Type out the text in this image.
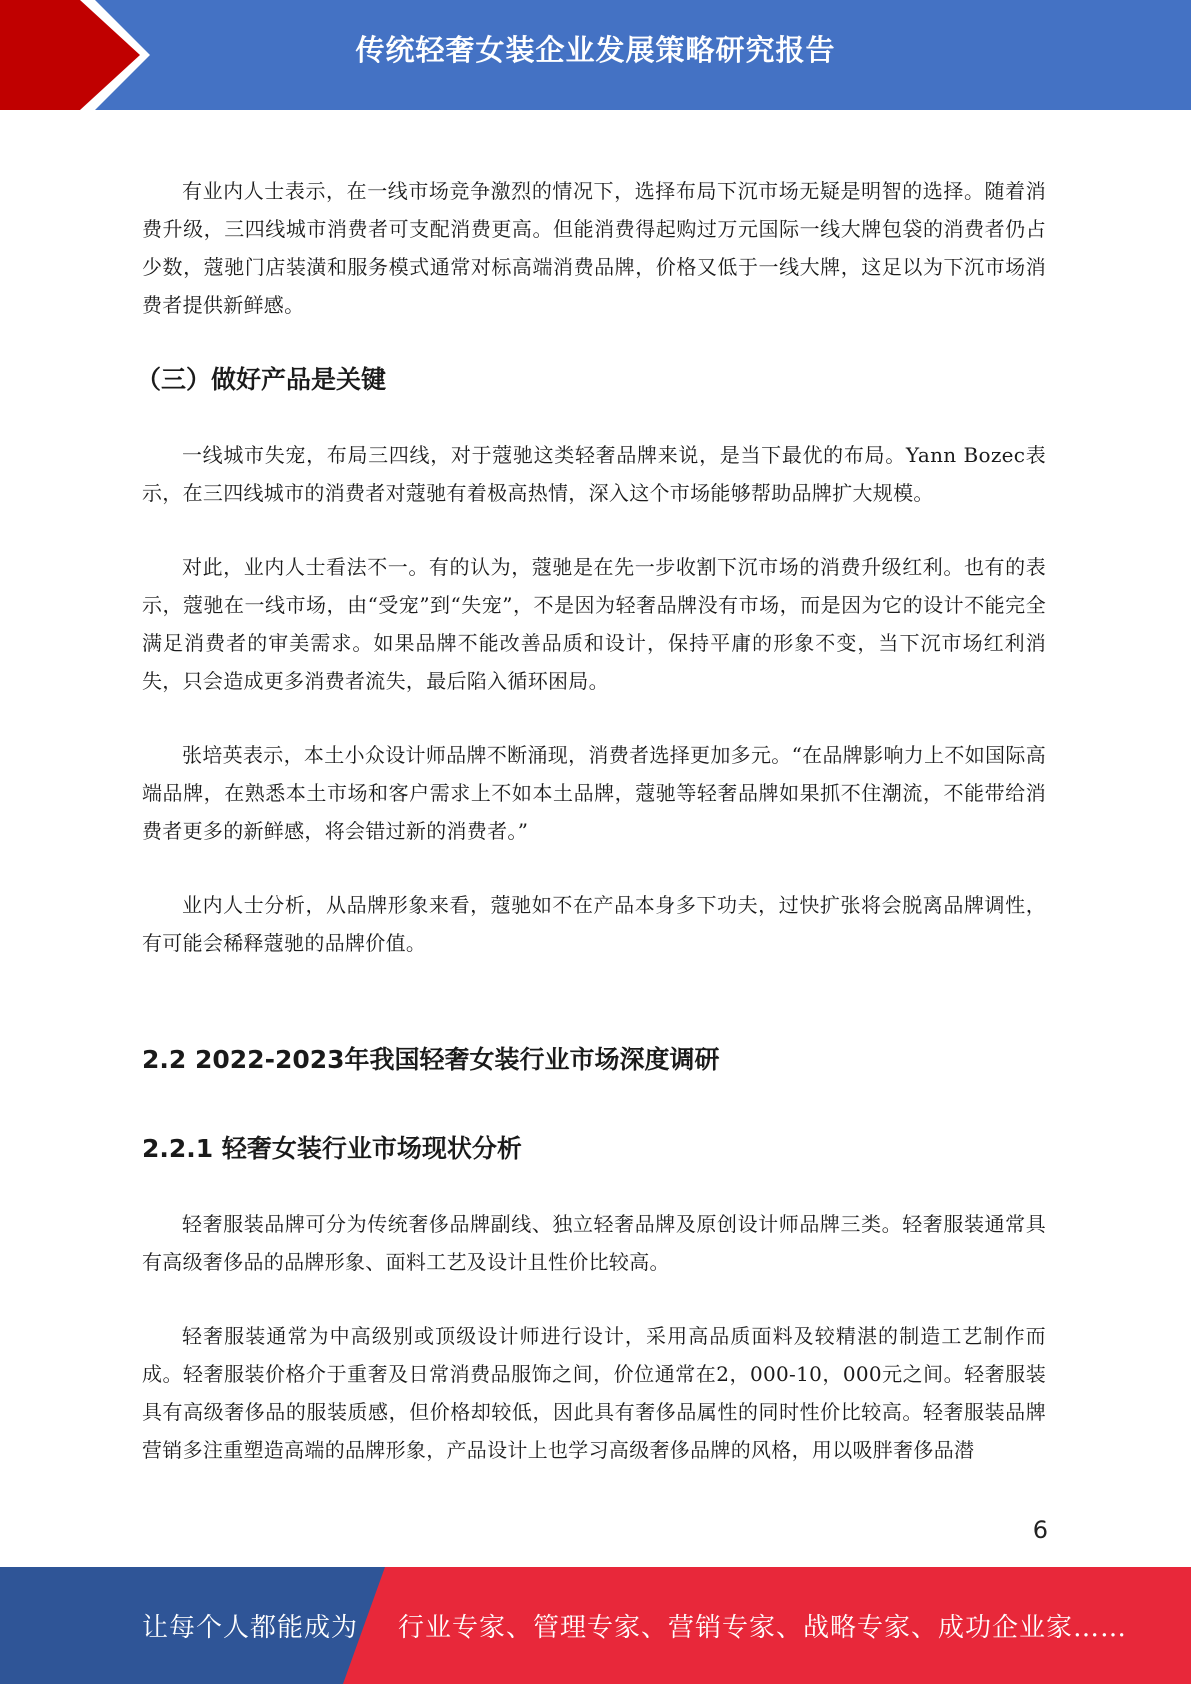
传统轻奢女装企业发展策略研究报告

有业内人士表示，在一线市场竞争激烈的情况下，选择布局下沉市场无疑是明智的选择。随着消费升级，三四线城市消费者可支配消费更高。但能消费得起购过万元国际一线大牌包袋的消费者仍占少数，蔻驰门店装潢和服务模式通常对标高端消费品牌，价格又低于一线大牌，这足以为下沉市场消费者提供新鲜感。

（三）做好产品是关键

一线城市失宠，布局三四线，对于蔻驰这类轻奢品牌来说，是当下最优的布局。Yann Bozec表示，在三四线城市的消费者对蔻驰有着极高热情，深入这个市场能够帮助品牌扩大规模。

对此，业内人士看法不一。有的认为，蔻驰是在先一步收割下沉市场的消费升级红利。也有的表示，蔻驰在一线市场，由“受宠”到“失宠”，不是因为轻奢品牌没有市场，而是因为它的设计不能完全满足消费者的审美需求。如果品牌不能改善品质和设计，保持平庸的形象不变，当下沉市场红利消失，只会造成更多消费者流失，最后陷入循环困局。

张培英表示，本土小众设计师品牌不断涌现，消费者选择更加多元。“在品牌影响力上不如国际高端品牌，在熟悉本土市场和客户需求上不如本土品牌，蔻驰等轻奢品牌如果抓不住潮流，不能带给消费者更多的新鲜感，将会错过新的消费者。”

业内人士分析，从品牌形象来看，蔻驰如不在产品本身多下功夫，过快扩张将会脱离品牌调性，有可能会稀释蔻驰的品牌价值。

2.2 2022-2023年我国轻奢女装行业市场深度调研
2.2.1 轻奢女装行业市场现状分析

轻奢服装品牌可分为传统奢侈品牌副线、独立轻奢品牌及原创设计师品牌三类。轻奢服装通常具有高级奢侈品的品牌形象、面料工艺及设计且性价比较高。

轻奢服装通常为中高级别或顶级设计师进行设计，采用高品质面料及较精湛的制造工艺制作而成。轻奢服装价格介于重奢及日常消费品服饰之间，价位通常在2，000-10，000元之间。轻奢服装具有高级奢侈品的服装质感，但价格却较低，因此具有奢侈品属性的同时性价比较高。轻奢服装品牌营销多注重塑造高端的品牌形象，产品设计上也学习高级奢侈品牌的风格，用以吸胖奢侈品潜

6
让每个人都能成为 行业专家、管理专家、营销专家、战略专家、成功企业家……
